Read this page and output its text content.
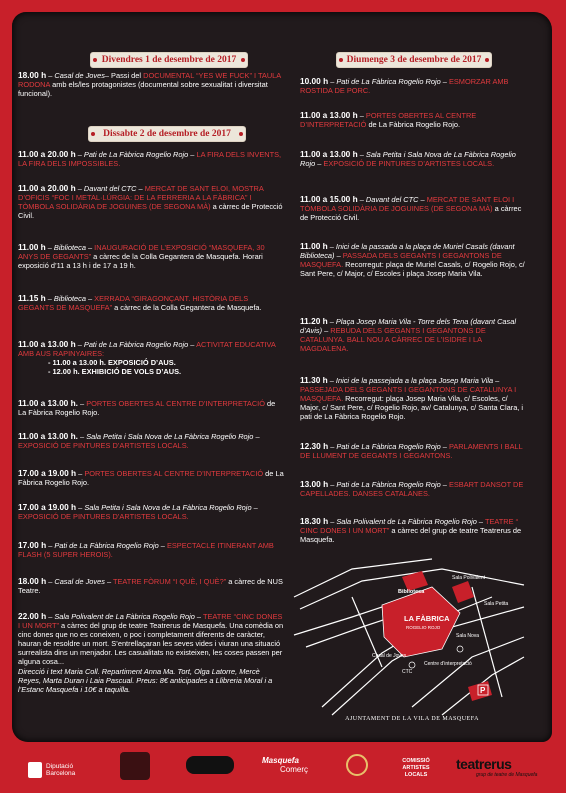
Divendres 1 de desembre de 2017
18.00 h – Casal de Joves– Passi del DOCUMENTAL “YES WE FUCK” I TAULA RODONA amb els/les protagonistes (documental sobre sexualitat i diversitat funcional).
Dissabte 2 de desembre de 2017
11.00 a 20.00 h – Pati de La Fàbrica Rogelio Rojo – LA FIRA DELS INVENTS, LA FIRA DELS IMPOSSIBLES.
11.00 a 20.00 h – Davant del CTC – MERCAT DE SANT ELOI, MOSTRA D’OFICIS “FOC I METAL·LÚRGIA: DE LA FERRERIA A LA FÀBRICA” I TÒMBOLA SOLIDÀRIA DE JOGUINES (DE SEGONA MÀ) a càrrec de Protecció Civil.
11.00 h – Biblioteca – INAUGURACIÓ DE L’EXPOSICIÓ “MASQUEFA, 30 ANYS DE GEGANTS” a càrrec de la Colla Gegantera de Masquefa. Horari exposició d’11 a 13 h i de 17 a 19 h.
11.15 h – Biblioteca – XERRADA “GIRAGONÇANT. HISTÒRIA DELS GEGANTS DE MASQUEFA” a càrrec de la Colla Gegantera de Masquefa.
11.00 a 13.00 h – Pati de La Fàbrica Rogelio Rojo – ACTIVITAT EDUCATIVA AMB AUS RAPINYAIRES:
- 11.00 a 13.00 h. EXPOSICIÓ D’AUS.
- 12.00 h. EXHIBICIÓ DE VOLS D’AUS.
11.00 a 13.00 h. – PORTES OBERTES AL CENTRE D’INTERPRETACIÓ de La Fàbrica Rogelio Rojo.
11.00 a 13.00 h. – Sala Petita i Sala Nova de La Fàbrica Rogelio Rojo – EXPOSICIÓ DE PINTURES D’ARTISTES LOCALS.
17.00 a 19.00 h – PORTES OBERTES AL CENTRE D’INTERPRETACIÓ de La Fàbrica Rogelio Rojo.
17.00 a 19.00 h – Sala Petita i Sala Nova de La Fàbrica Rogelio Rojo – EXPOSICIÓ DE PINTURES D’ARTISTES LOCALS.
17.00 h – Pati de La Fàbrica Rogelio Rojo – ESPECTACLE ITINERANT AMB FLASH (5 SUPER HEROIS).
18.00 h – Casal de Joves – TEATRE FÒRUM “I QUÈ, I QUÈ?” a càrrec de NUS Teatre.
22.00 h – Sala Polivalent de La Fàbrica Rogelio Rojo – TEATRE “CINC DONES I UN MORT” a càrrec del grup de teatre Teatrerus de Masquefa. Una comèdia on cinc dones que no es coneixen, o poc i completament diferents de caràcter, hauran de resoldre un mort. S’entrellaçaran les seves vides i viuran una situació surrealista dins un menjador. Les casualitats no existeixen, les coses passen per alguna cosa...
Direcció i text Maria Coll. Repartiment Anna Ma. Tort, Olga Latorre, Mercè Reyes, Marta Duran i Laia Pascual. Preus: 8€ anticipades a Llibreria Moral i a l’Estanc Masquefa i 10€ a taquilla.
Diumenge 3 de desembre de 2017
10.00 h – Pati de La Fàbrica Rogelio Rojo – ESMORZAR AMB ROSTIDA DE PORC.
11.00 a 13.00 h – PORTES OBERTES AL CENTRE D’INTERPRETACIÓ de La Fàbrica Rogelio Rojo.
11.00 a 13.00 h – Sala Petita i Sala Nova de La Fàbrica Rogelio Rojo – EXPOSICIÓ DE PINTURES D’ARTISTES LOCALS.
11.00 a 15.00 h – Davant del CTC – MERCAT DE SANT ELOI I TÒMBOLA SOLIDÀRIA DE JOGUINES (DE SEGONA MÀ) a càrrec de Protecció Civil.
11.00 h – Inici de la passada a la plaça de Muriel Casals (davant Biblioteca) – PASSADA DELS GEGANTS I GEGANTONS DE MASQUEFA. Recorregut: plaça de Muriel Casals, c/ Rogelio Rojo, c/ Sant Pere, c/ Major, c/ Escoles i plaça Josep Maria Vila.
11.20 h – Plaça Josep Maria Vila - Torre dels Tena (davant Casal d’Avis) – REBUDA DELS GEGANTS I GEGANTONS DE CATALUNYA. BALL NOU A CÀRREC DE L’ISIDRE I LA MAGDALENA.
11.30 h – Inici de la passejada a la plaça Josep Maria Vila – PASSEJADA DELS GEGANTS I GEGANTONS DE CATALUNYA I MASQUEFA. Recorregut: plaça Josep Maria Vila, c/ Escoles, c/ Major, c/ Sant Pere, c/ Rogelio Rojo, av/ Catalunya, c/ Santa Clara, i pati de La Fàbrica Rogelio Rojo.
12.30 h – Pati de La Fàbrica Rogelio Rojo – PARLAMENTS I BALL DE LLUMENT DE GEGANTS I GEGANTONS.
13.00 h – Pati de La Fàbrica Rogelio Rojo – ESBART DANSOT DE CAPELLADES. DANSES CATALANES.
18.30 h – Sala Polivalent de La Fàbrica Rogelio Rojo – TEATRE “ CINC DONES I UN MORT” a càrrec del grup de teatre Teatrerus de Masquefa.
P
Biblioteca
Sala Polivalent
Sala Petita
LA FÀBRICA
ROGELIO ROJO
Sala Nova
Casal de Joves
CTC
Centre d’interpretació
AJUNTAMENT DE LA VILA DE MASQUEFA
Diputació Barcelona
Masquefa
Comerç
COMISSIÓ ARTISTES LOCALS
teatrerus
grup de teatre de Masquefa
